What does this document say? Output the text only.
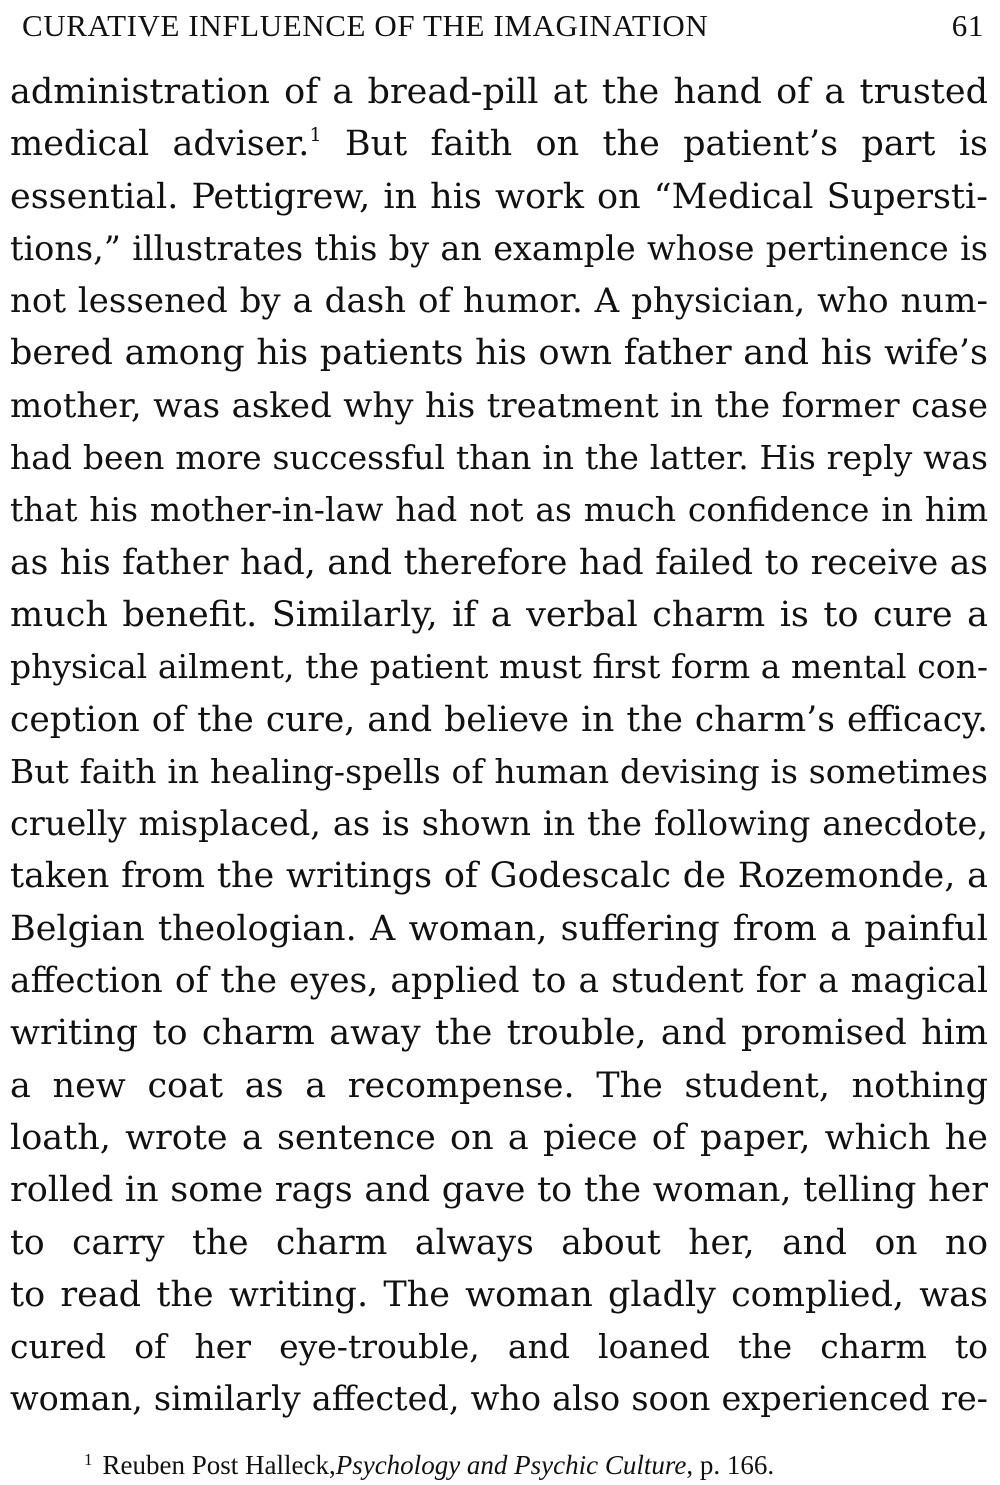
CURATIVE INFLUENCE OF THE IMAGINATION	61
administration of a bread-pill at the hand of a trusted
medical adviser.$^1$ But faith on the patient’s part is
essential. Pettigrew, in his work on “Medical Supersti-
tions,” illustrates this by an example whose pertinence is
not lessened by a dash of humor. A physician, who num-
bered among his patients his own father and his wife’s
mother, was asked why his treatment in the former case
had been more successful than in the latter. His reply was
that his mother-in-law had not as much confidence in him
as his father had, and therefore had failed to receive as
much benefit. Similarly, if a verbal charm is to cure a
physical ailment, the patient must first form a mental con-
ception of the cure, and believe in the charm’s efficacy.
But faith in healing-spells of human devising is sometimes
cruelly misplaced, as is shown in the following anecdote,
taken from the writings of Godescalc de Rozemonde, a
Belgian theologian. A woman, suffering from a painful
affection of the eyes, applied to a student for a magical
writing to charm away the trouble, and promised him
a new coat as a recompense. The student, nothing
loath, wrote a sentence on a piece of paper, which he
rolled in some rags and gave to the woman, telling her
to carry the charm always about her, and on no
to read the writing. The woman gladly complied, was
cured of her eye-trouble, and loaned the charm to
woman, similarly affected, who also soon experienced re-
$^1$ Reuben Post Halleck,Psychology and Psychic Culture, p. 166.
